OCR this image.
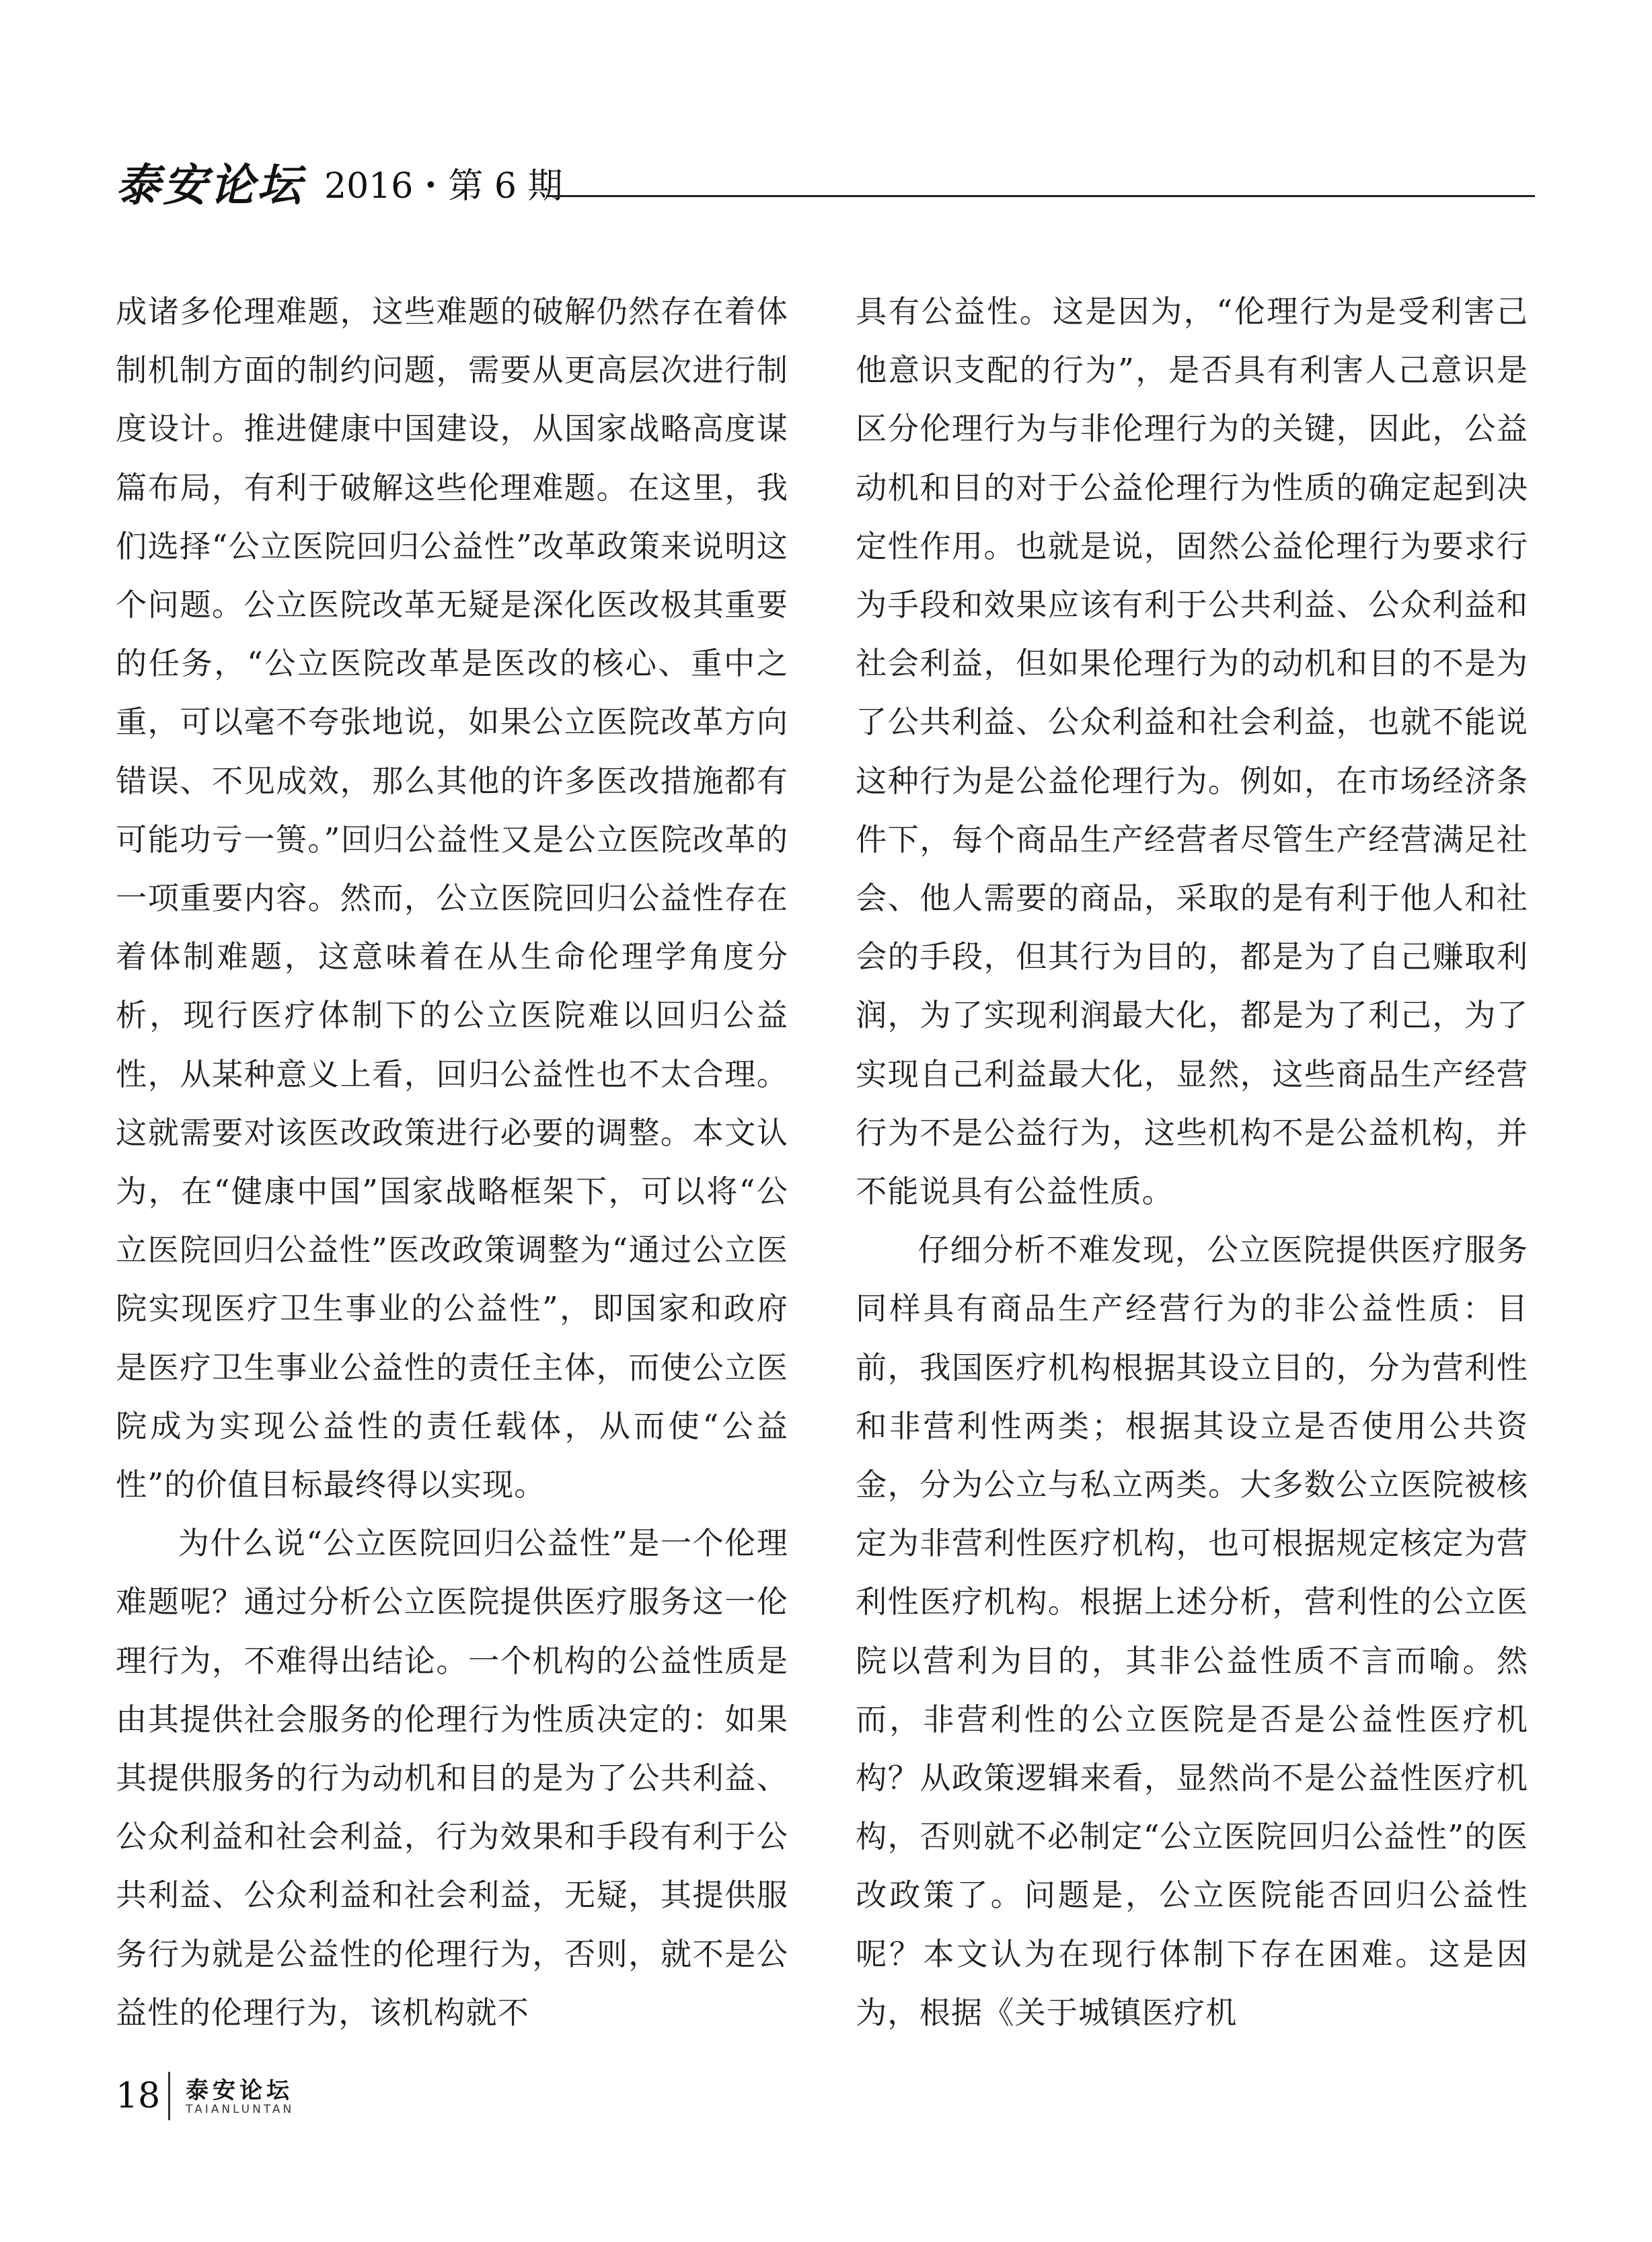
泰安论坛 2016・第 6 期

成诸多伦理难题，这些难题的破解仍然存在着体制机制方面的制约问题，需要从更高层次进行制度设计。推进健康中国建设，从国家战略高度谋篇布局，有利于破解这些伦理难题。在这里，我们选择“公立医院回归公益性”改革政策来说明这个问题。公立医院改革无疑是深化医改极其重要的任务，“公立医院改革是医改的核心、重中之重，可以毫不夸张地说，如果公立医院改革方向错误、不见成效，那么其他的许多医改措施都有可能功亏一篑。”回归公益性又是公立医院改革的一项重要内容。然而，公立医院回归公益性存在着体制难题，这意味着在从生命伦理学角度分析，现行医疗体制下的公立医院难以回归公益性，从某种意义上看，回归公益性也不太合理。这就需要对该医改政策进行必要的调整。本文认为，在“健康中国”国家战略框架下，可以将“公立医院回归公益性”医改政策调整为“通过公立医院实现医疗卫生事业的公益性”，即国家和政府是医疗卫生事业公益性的责任主体，而使公立医院成为实现公益性的责任载体，从而使“公益性”的价值目标最终得以实现。

为什么说“公立医院回归公益性”是一个伦理难题呢？通过分析公立医院提供医疗服务这一伦理行为，不难得出结论。一个机构的公益性质是由其提供社会服务的伦理行为性质决定的：如果其提供服务的行为动机和目的是为了公共利益、公众利益和社会利益，行为效果和手段有利于公共利益、公众利益和社会利益，无疑，其提供服务行为就是公益性的伦理行为，否则，就不是公益性的伦理行为，该机构就不

具有公益性。这是因为，“伦理行为是受利害己他意识支配的行为”，是否具有利害人己意识是区分伦理行为与非伦理行为的关键，因此，公益动机和目的对于公益伦理行为性质的确定起到决定性作用。也就是说，固然公益伦理行为要求行为手段和效果应该有利于公共利益、公众利益和社会利益，但如果伦理行为的动机和目的不是为了公共利益、公众利益和社会利益，也就不能说这种行为是公益伦理行为。例如，在市场经济条件下，每个商品生产经营者尽管生产经营满足社会、他人需要的商品，采取的是有利于他人和社会的手段，但其行为目的，都是为了自己赚取利润，为了实现利润最大化，都是为了利己，为了实现自己利益最大化，显然，这些商品生产经营行为不是公益行为，这些机构不是公益机构，并不能说具有公益性质。

仔细分析不难发现，公立医院提供医疗服务同样具有商品生产经营行为的非公益性质：目前，我国医疗机构根据其设立目的，分为营利性和非营利性两类；根据其设立是否使用公共资金，分为公立与私立两类。大多数公立医院被核定为非营利性医疗机构，也可根据规定核定为营利性医疗机构。根据上述分析，营利性的公立医院以营利为目的，其非公益性质不言而喻。然而，非营利性的公立医院是否是公益性医疗机构？从政策逻辑来看，显然尚不是公益性医疗机构，否则就不必制定“公立医院回归公益性”的医改政策了。问题是，公立医院能否回归公益性呢？本文认为在现行体制下存在困难。这是因为，根据《关于城镇医疗机

18 泰安论坛
TAIANLUNTAN
